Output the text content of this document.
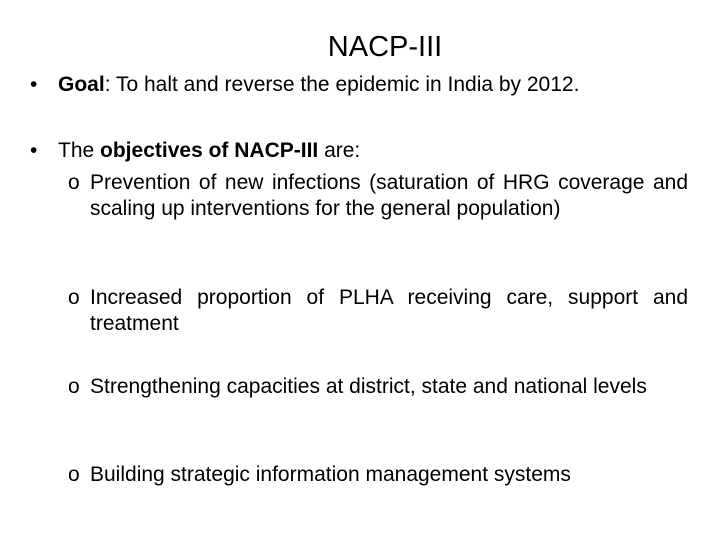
NACP-III
• Goal: To halt and reverse the epidemic in India by 2012.
• The objectives of NACP-III are:
o Prevention of new infections (saturation of HRG coverage and scaling up interventions for the general population)
o Increased proportion of PLHA receiving care, support and treatment
o Strengthening capacities at district, state and national levels
o Building strategic information management systems
